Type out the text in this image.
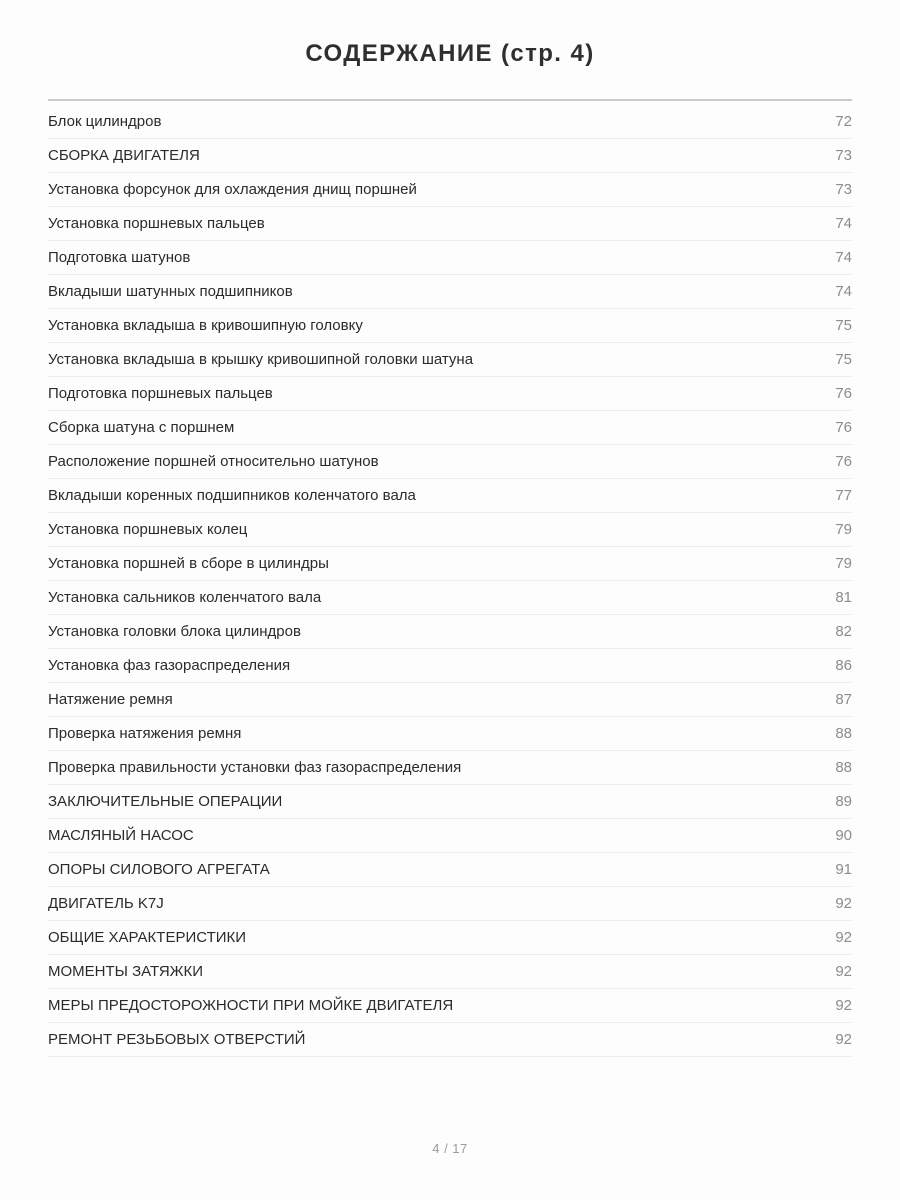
СОДЕРЖАНИЕ (стр. 4)
Блок цилиндров	72
СБОРКА ДВИГАТЕЛЯ	73
Установка форсунок для охлаждения днищ поршней	73
Установка поршневых пальцев	74
Подготовка шатунов	74
Вкладыши шатунных подшипников	74
Установка вкладыша в кривошипную головку	75
Установка вкладыша в крышку кривошипной головки шатуна	75
Подготовка поршневых пальцев	76
Сборка шатуна с поршнем	76
Расположение поршней относительно шатунов	76
Вкладыши коренных подшипников коленчатого вала	77
Установка поршневых колец	79
Установка поршней в сборе в цилиндры	79
Установка сальников коленчатого вала	81
Установка головки блока цилиндров	82
Установка фаз газораспределения	86
Натяжение ремня	87
Проверка натяжения ремня	88
Проверка правильности установки фаз газораспределения	88
ЗАКЛЮЧИТЕЛЬНЫЕ ОПЕРАЦИИ	89
МАСЛЯНЫЙ НАСОС	90
ОПОРЫ СИЛОВОГО АГРЕГАТА	91
ДВИГАТЕЛЬ K7J	92
ОБЩИЕ ХАРАКТЕРИСТИКИ	92
МОМЕНТЫ ЗАТЯЖКИ	92
МЕРЫ ПРЕДОСТОРОЖНОСТИ ПРИ МОЙКЕ ДВИГАТЕЛЯ	92
РЕМОНТ РЕЗЬБОВЫХ ОТВЕРСТИЙ	92
4 / 17
